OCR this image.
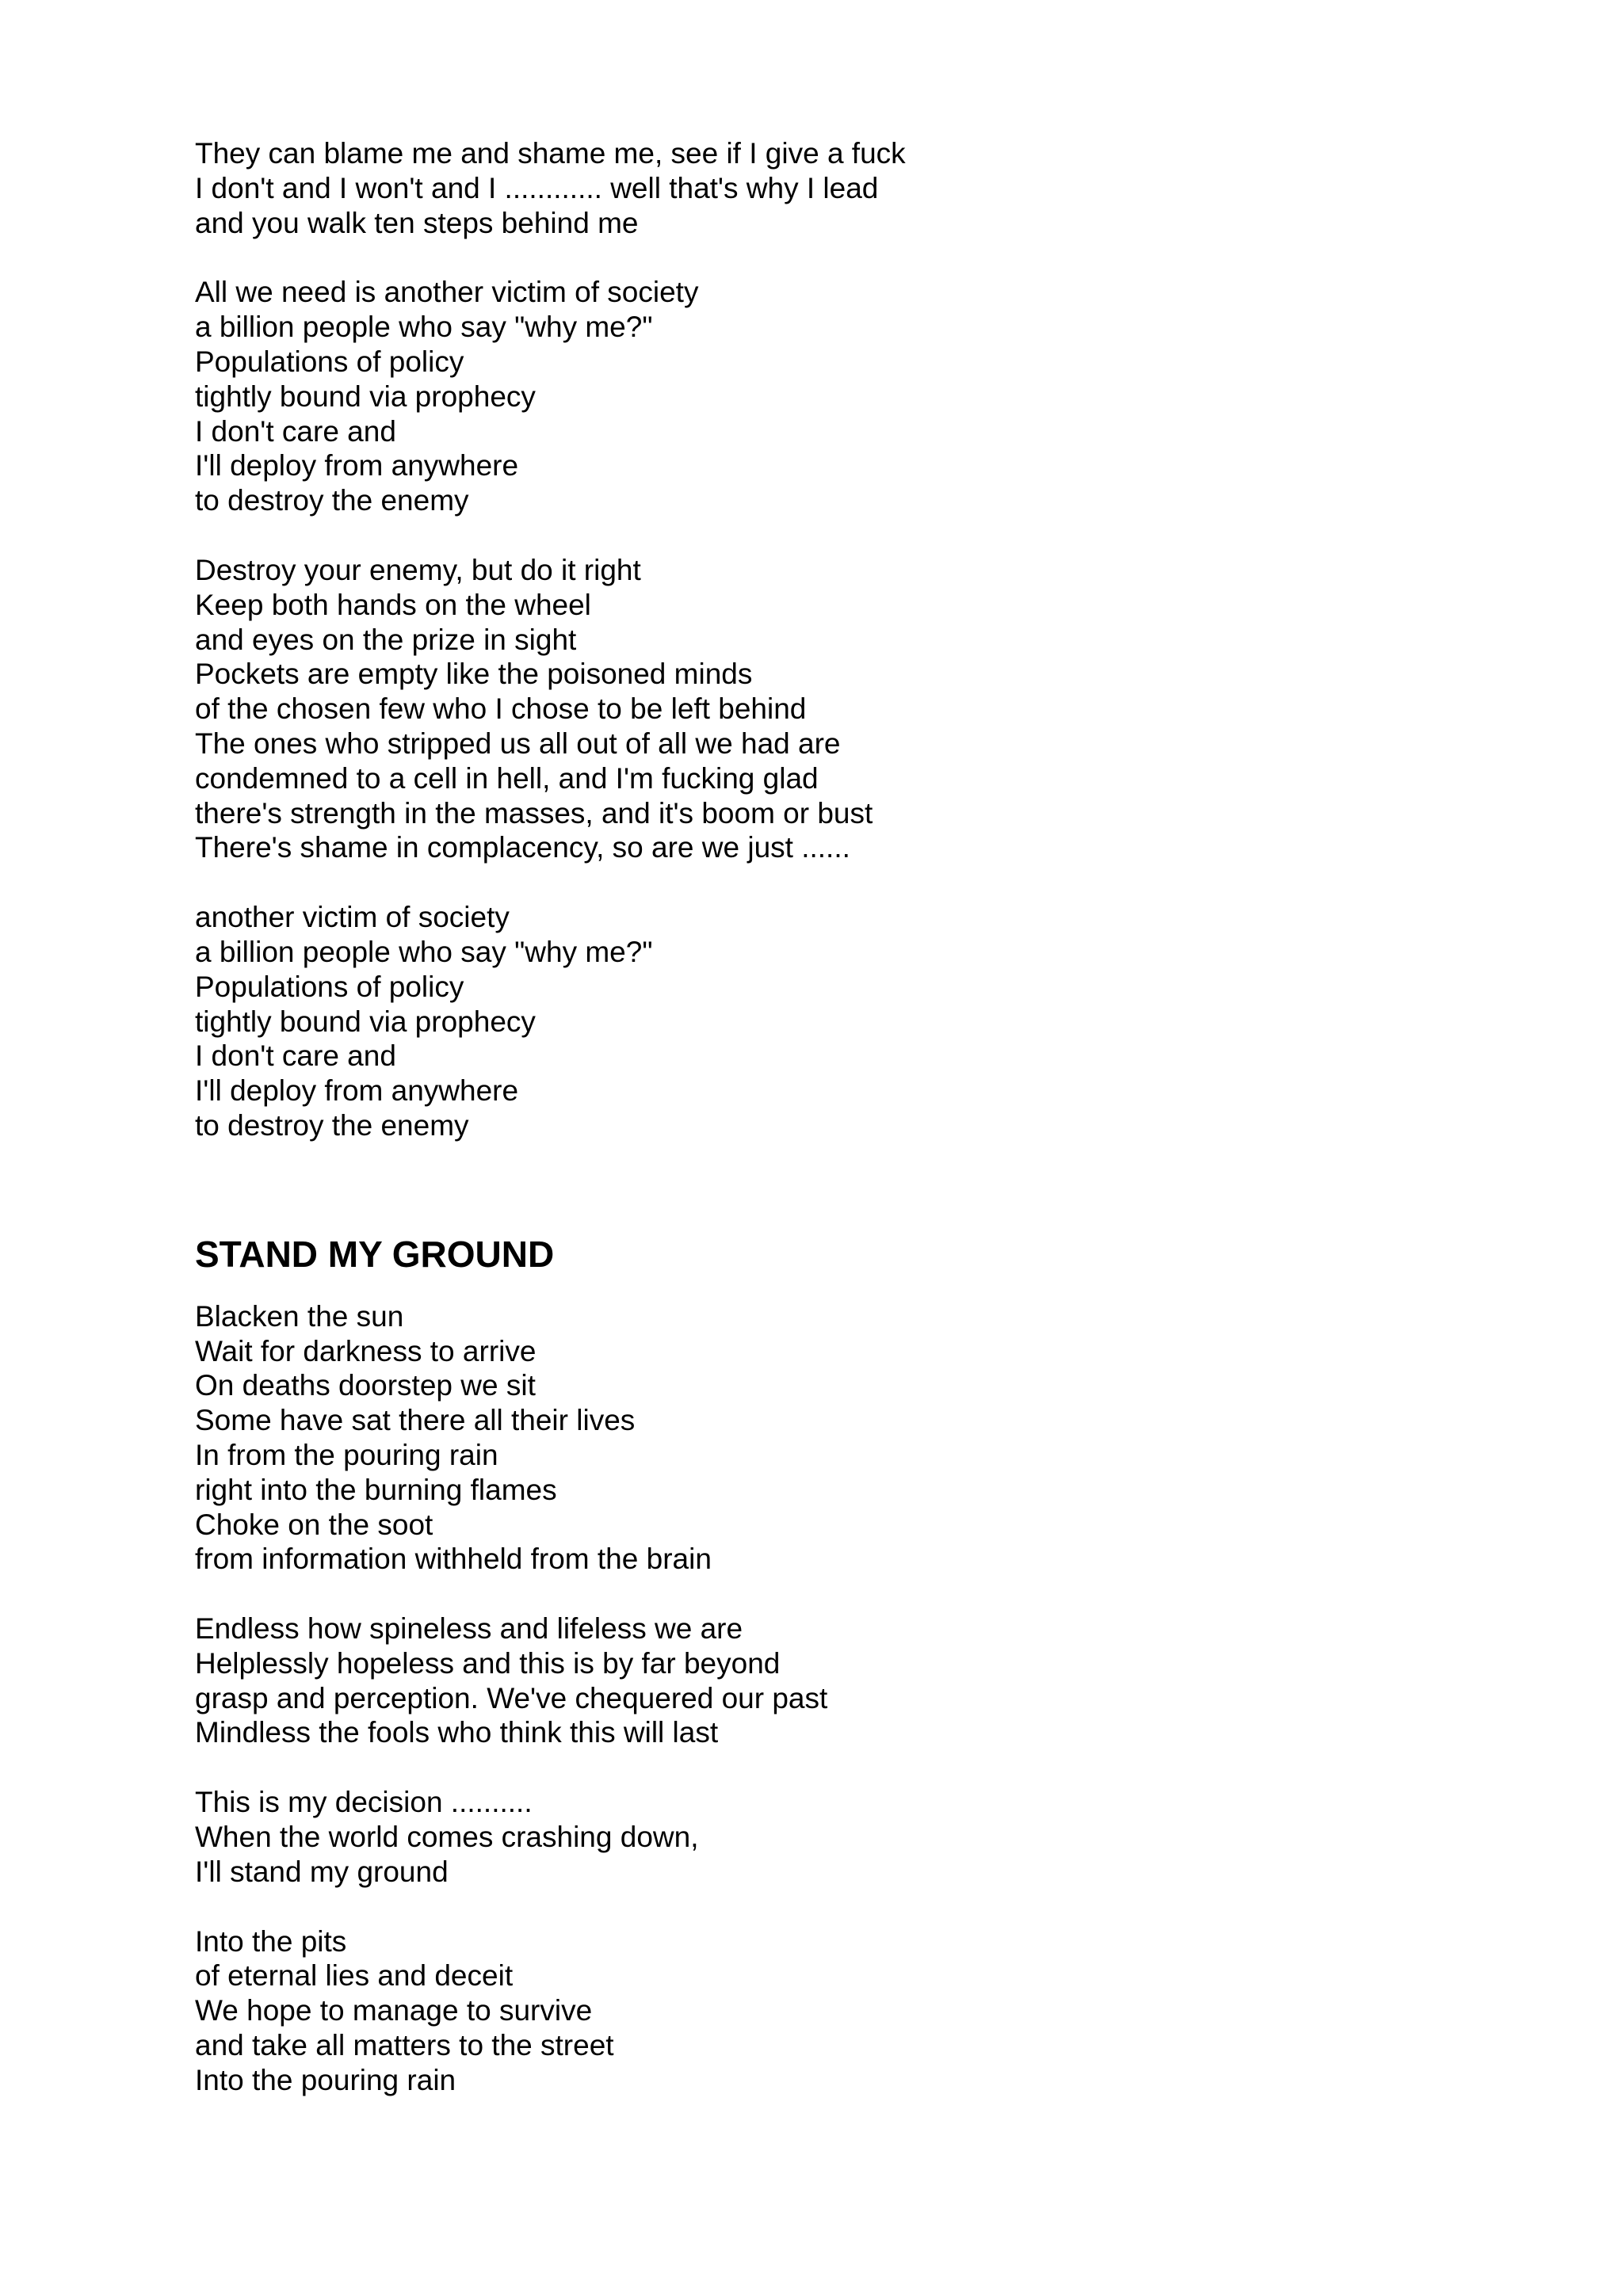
They can blame me and shame me, see if I give a fuck
I don't and I won't and I ............ well that's why I lead
and you walk ten steps behind me
All we need is another victim of society
a billion people who say "why me?"
Populations of policy
tightly bound via prophecy
I don't care and
I'll deploy from anywhere
to destroy the enemy
Destroy your enemy, but do it right
Keep both hands on the wheel
and eyes on the prize in sight
Pockets are empty like the poisoned minds
of the chosen few who I chose to be left behind
The ones who stripped us all out of all we had are
condemned to a cell in hell, and I'm fucking glad
there's strength in the masses, and it's boom or bust
There's shame in complacency, so are we just ......
another victim of society
a billion people who say "why me?"
Populations of policy
tightly bound via prophecy
I don't care and
I'll deploy from anywhere
to destroy the enemy
STAND MY GROUND
Blacken the sun
Wait for darkness to arrive
On deaths doorstep we sit
Some have sat there all their lives
In from the pouring rain
right into the burning flames
Choke on the soot
from information withheld from the brain
Endless how spineless and lifeless we are
Helplessly hopeless and this is by far beyond
grasp and perception. We've chequered our past
Mindless the fools who think this will last
This is my decision ..........
When the world comes crashing down,
I'll stand my ground
Into the pits
of eternal lies and deceit
We hope to manage to survive
and take all matters to the street
Into the pouring rain
